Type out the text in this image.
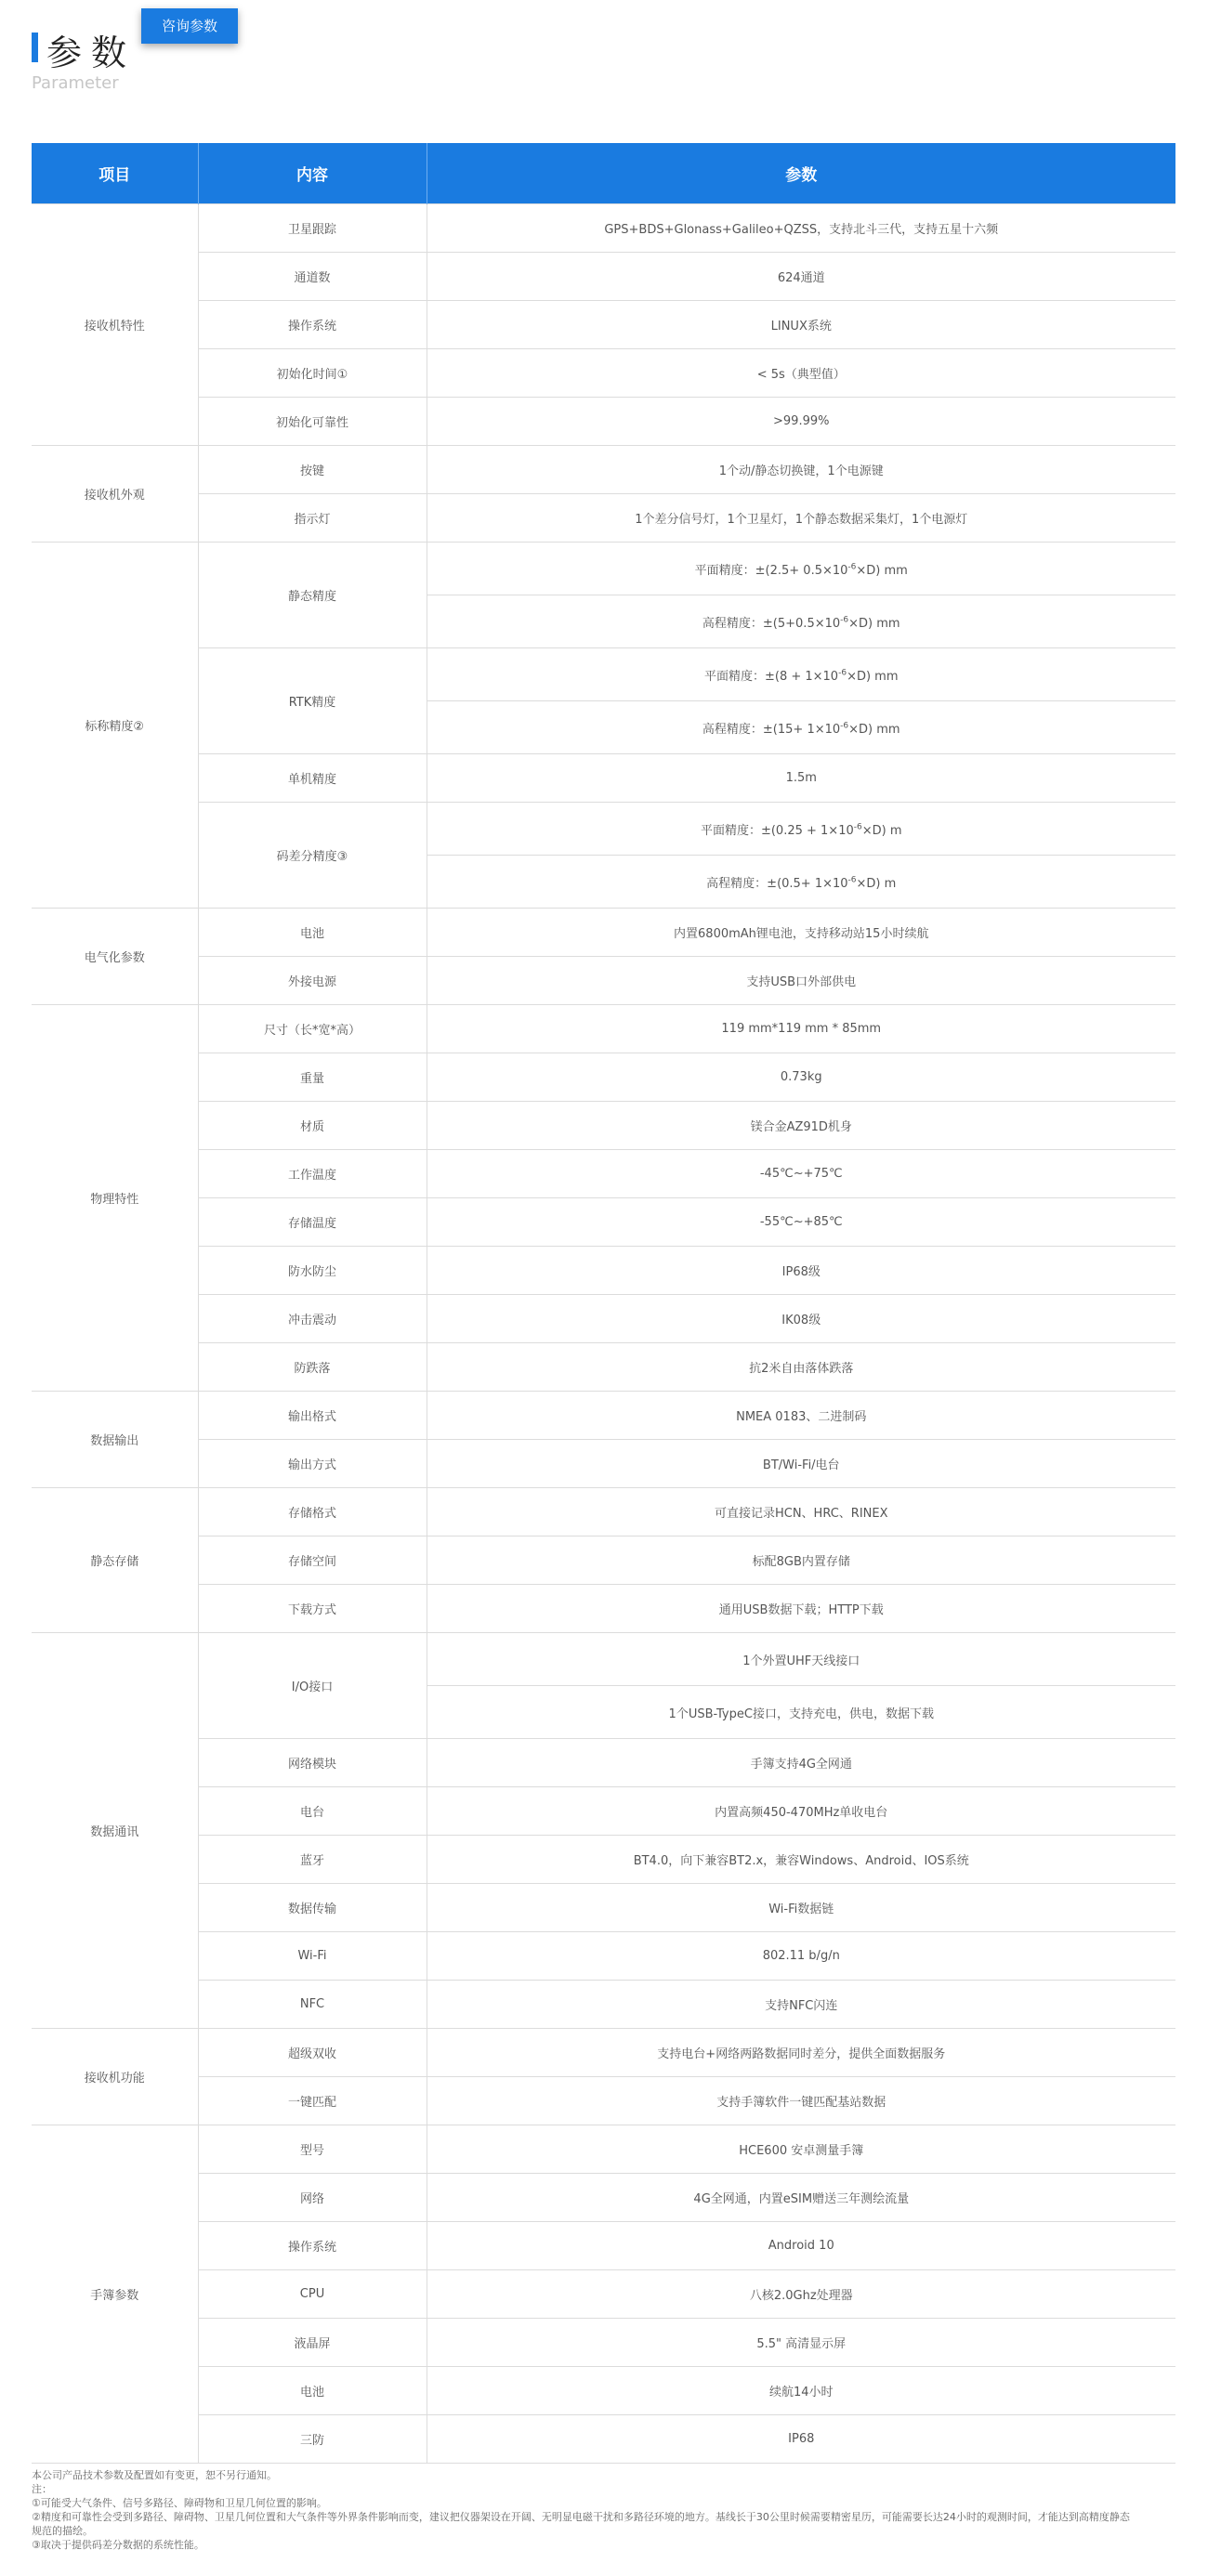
参数
咨询参数
Parameter
项目	内容	参数
接收机特性	卫星跟踪	GPS+BDS+Glonass+Galileo+QZSS，支持北斗三代，支持五星十六频
	通道数	624通道
	操作系统	LINUX系统
	初始化时间①	< 5s（典型值）
	初始化可靠性	>99.99%
接收机外观	按键	1个动/静态切换键，1个电源键
	指示灯	1个差分信号灯，1个卫星灯，1个静态数据采集灯，1个电源灯
标称精度②	静态精度	平面精度：$\pm(2.5+ 0.5\times 10^{-6}\times D)$ mm
		高程精度：$\pm(5+0.5\times 10^{-6}\times D)$ mm
	RTK精度	平面精度：$\pm(8 + 1\times 10^{-6}\times D)$ mm
		高程精度：$\pm(15+ 1\times 10^{-6}\times D)$ mm
	单机精度	1.5m
	码差分精度③	平面精度：$\pm(0.25 + 1\times 10^{-6}\times D)$ m
		高程精度：$\pm(0.5+ 1\times 10^{-6}\times D)$ m
电气化参数	电池	内置6800mAh锂电池，支持移动站15小时续航
	外接电源	支持USB口外部供电
物理特性	尺寸（长*宽*高）	119 mm*119 mm * 85mm
	重量	0.73kg
	材质	镁合金AZ91D机身
	工作温度	-45℃~+75℃
	存储温度	-55℃~+85℃
	防水防尘	IP68级
	冲击震动	IK08级
	防跌落	抗2米自由落体跌落
数据输出	输出格式	NMEA 0183、二进制码
	输出方式	BT/Wi-Fi/电台
静态存储	存储格式	可直接记录HCN、HRC、RINEX
	存储空间	标配8GB内置存储
	下载方式	通用USB数据下载；HTTP下载
数据通讯	I/O接口	1个外置UHF天线接口
		1个USB-TypeC接口，支持充电，供电，数据下载
	网络模块	手簿支持4G全网通
	电台	内置高频450-470MHz单收电台
	蓝牙	BT4.0，向下兼容BT2.x，兼容Windows、Android、IOS系统
	数据传输	Wi-Fi数据链
	Wi-Fi	802.11 b/g/n
	NFC	支持NFC闪连
接收机功能	超级双收	支持电台+网络两路数据同时差分，提供全面数据服务
	一键匹配	支持手簿软件一键匹配基站数据
手簿参数	型号	HCE600 安卓测量手簿
	网络	4G全网通，内置eSIM赠送三年测绘流量
	操作系统	Android 10
	CPU	八核2.0Ghz处理器
	液晶屏	5.5" 高清显示屏
	电池	续航14小时
	三防	IP68
本公司产品技术参数及配置如有变更，恕不另行通知。
注：
①可能受大气条件、信号多路径、障碍物和卫星几何位置的影响。
②精度和可靠性会受到多路径、障碍物、卫星几何位置和大气条件等外界条件影响而变，建议把仪器架设在开阔、无明显电磁干扰和多路径环境的地方。基线长于30公里时候需要精密星历，可能需要长达24小时的观测时间，才能达到高精度静态
规范的描绘。
③取决于提供码差分数据的系统性能。
